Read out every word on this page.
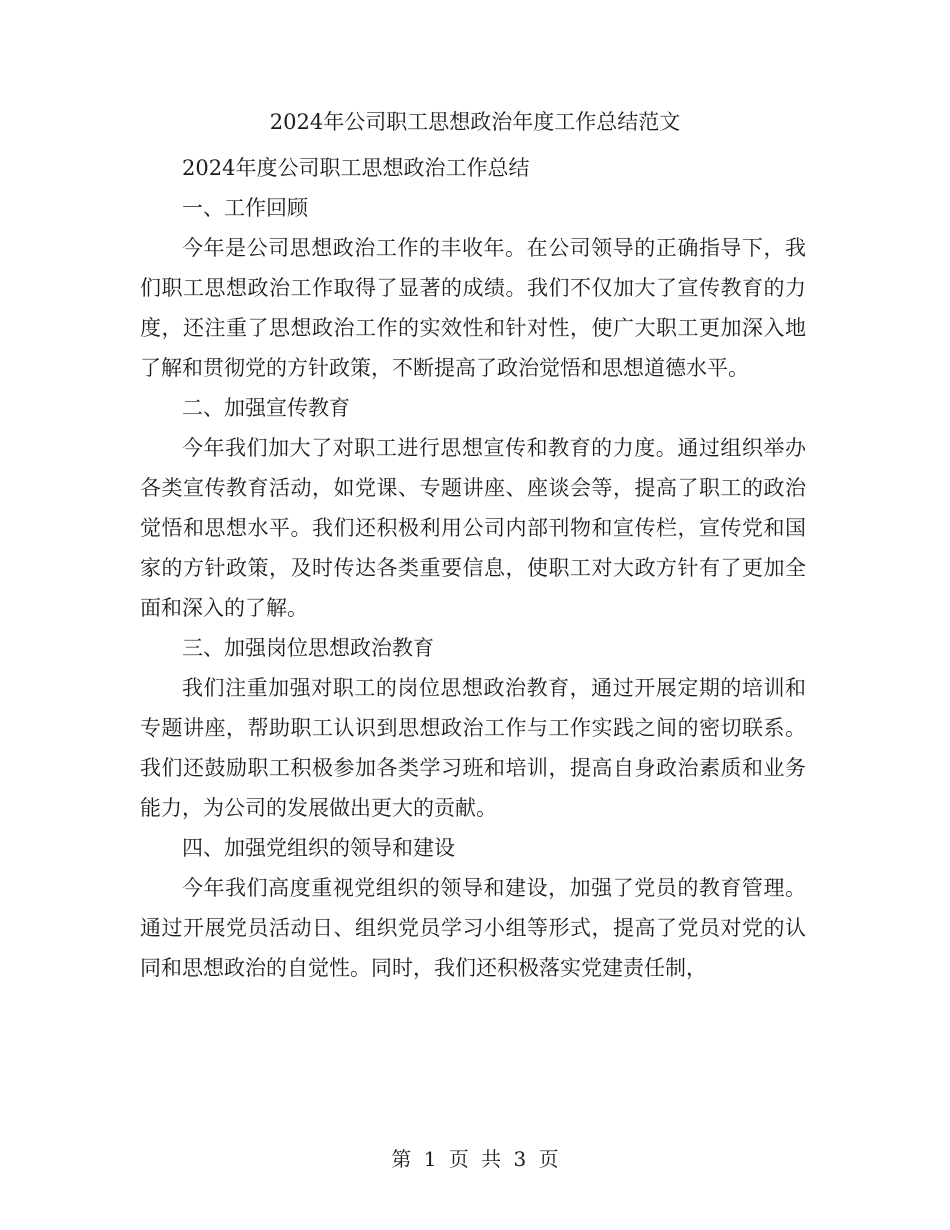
2024年公司职工思想政治年度工作总结范文

2024年度公司职工思想政治工作总结

一、工作回顾

今年是公司思想政治工作的丰收年。在公司领导的正确指导下，我们职工思想政治工作取得了显著的成绩。我们不仅加大了宣传教育的力度，还注重了思想政治工作的实效性和针对性，使广大职工更加深入地了解和贯彻党的方针政策，不断提高了政治觉悟和思想道德水平。

二、加强宣传教育

今年我们加大了对职工进行思想宣传和教育的力度。通过组织举办各类宣传教育活动，如党课、专题讲座、座谈会等，提高了职工的政治觉悟和思想水平。我们还积极利用公司内部刊物和宣传栏，宣传党和国家的方针政策，及时传达各类重要信息，使职工对大政方针有了更加全面和深入的了解。

三、加强岗位思想政治教育

我们注重加强对职工的岗位思想政治教育，通过开展定期的培训和专题讲座，帮助职工认识到思想政治工作与工作实践之间的密切联系。我们还鼓励职工积极参加各类学习班和培训，提高自身政治素质和业务能力，为公司的发展做出更大的贡献。

四、加强党组织的领导和建设

今年我们高度重视党组织的领导和建设，加强了党员的教育管理。通过开展党员活动日、组织党员学习小组等形式，提高了党员对党的认同和思想政治的自觉性。同时，我们还积极落实党建责任制，

第 1 页 共 3 页
